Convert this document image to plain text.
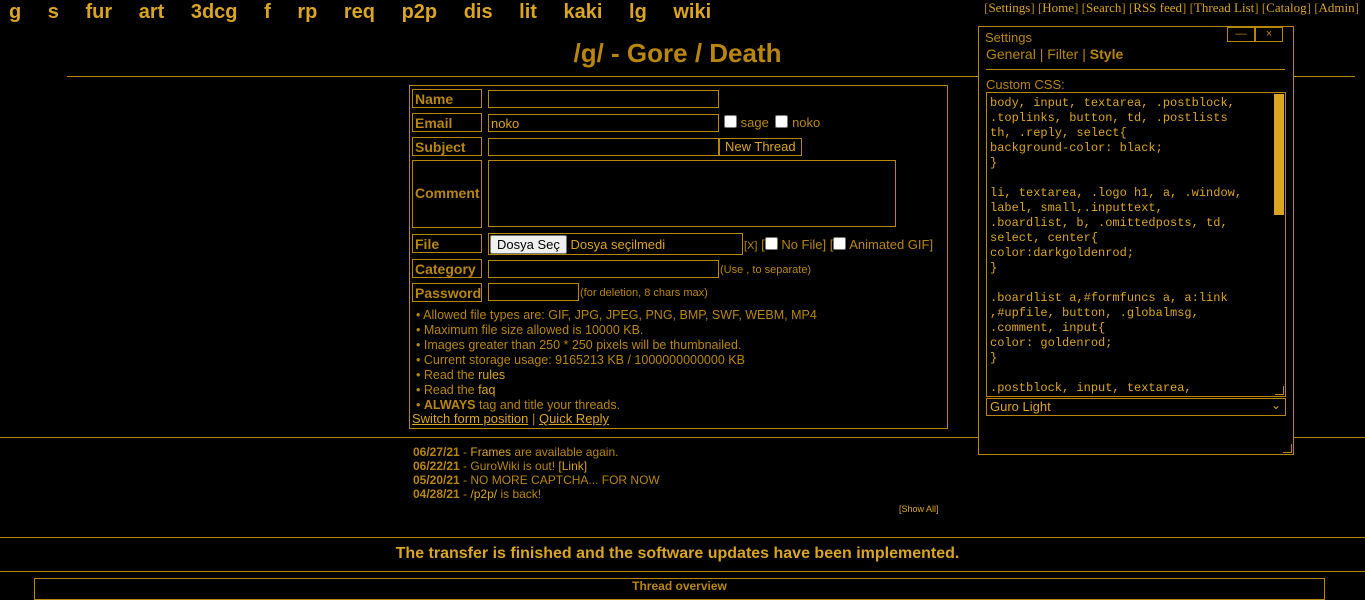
g s fur art 3dcg f rp req p2p dis lit kaki lg wiki	[Settings] [Home] [Search] [RSS feed] [Thread List] [Catalog] [Admin]
/g/ - Gore / Death
Name
Email	noko	sage noko
Subject	New Thread
Comment
File	Dosya Seç Dosya seçilmedi	[X] [ No File] [ Animated GIF]
Category	(Use , to separate)
Password	(for deletion, 8 chars max)
• Allowed file types are: GIF, JPG, JPEG, PNG, BMP, SWF, WEBM, MP4
• Maximum file size allowed is 10000 KB.
• Images greater than 250 * 250 pixels will be thumbnailed.
• Current storage usage: 9165213 KB / 1000000000000 KB
• Read the rules
• Read the faq
• ALWAYS tag and title your threads.
Switch form position | Quick Reply
06/27/21 - Frames are available again.
06/22/21 - GuroWiki is out! [Link]
05/20/21 - NO MORE CAPTCHA... FOR NOW
04/28/21 - /p2p/ is back!
[Show All]
The transfer is finished and the software updates have been implemented.
Thread overview
Settings	—	×
General | Filter | Style
Custom CSS:
body, input, textarea, .postblock,
.toplinks, button, td, .postlists
th, .reply, select{
background-color: black;
}

li, textarea, .logo h1, a, .window,
label, small,.inputtext,
.boardlist, b, .omittedposts, td,
select, center{
color:darkgoldenrod;
}

.boardlist a,#formfuncs a, a:link
,#upfile, button, .globalmsg,
.comment, input{
color: goldenrod;
}

.postblock, input, textarea,
Guro Light	⌄
